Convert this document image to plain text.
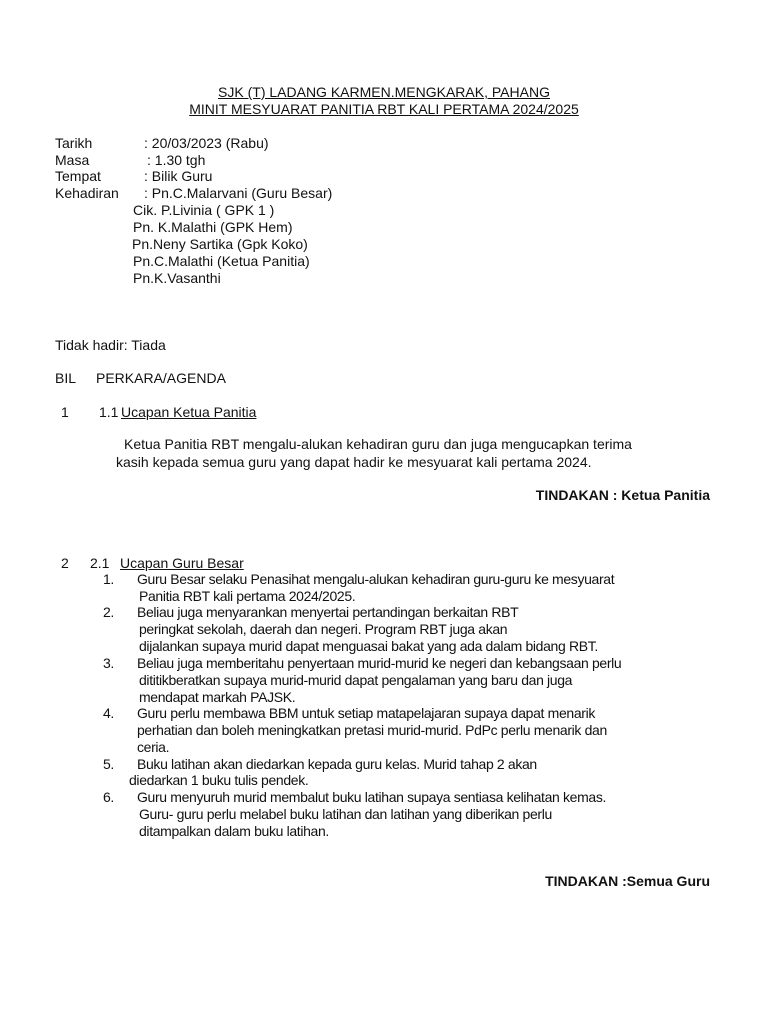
SJK (T) LADANG KARMEN.MENGKARAK, PAHANG
MINIT MESYUARAT PANITIA RBT KALI PERTAMA 2024/2025
Tarikh	: 20/03/2023 (Rabu)
Masa	: 1.30 tgh
Tempat	: Bilik Guru
Kehadiran : Pn.C.Malarvani (Guru Besar)
Cik. P.Livinia ( GPK 1 )
Pn. K.Malathi (GPK Hem)
Pn.Neny Sartika (Gpk Koko)
Pn.C.Malathi (Ketua Panitia)
Pn.K.Vasanthi
Tidak hadir: Tiada
BIL PERKARA/AGENDA
1 1.1 Ucapan Ketua Panitia
Ketua Panitia RBT mengalu-alukan kehadiran guru dan juga mengucapkan terima
kasih kepada semua guru yang dapat hadir ke mesyuarat kali pertama 2024.
TINDAKAN : Ketua Panitia
2 2.1 Ucapan Guru Besar
1. Guru Besar selaku Penasihat mengalu-alukan kehadiran guru-guru ke mesyuarat
Panitia RBT kali pertama 2024/2025.
2. Beliau juga menyarankan menyertai pertandingan berkaitan RBT
peringkat sekolah, daerah dan negeri. Program RBT juga akan
dijalankan supaya murid dapat menguasai bakat yang ada dalam bidang RBT.
3. Beliau juga memberitahu penyertaan murid-murid ke negeri dan kebangsaan perlu
dititikberatkan supaya murid-murid dapat pengalaman yang baru dan juga
mendapat markah PAJSK.
4. Guru perlu membawa BBM untuk setiap matapelajaran supaya dapat menarik
perhatian dan boleh meningkatkan pretasi murid-murid. PdPc perlu menarik dan
ceria.
5. Buku latihan akan diedarkan kepada guru kelas. Murid tahap 2 akan
diedarkan 1 buku tulis pendek.
6. Guru menyuruh murid membalut buku latihan supaya sentiasa kelihatan kemas.
Guru- guru perlu melabel buku latihan dan latihan yang diberikan perlu
ditampalkan dalam buku latihan.
TINDAKAN :Semua Guru
